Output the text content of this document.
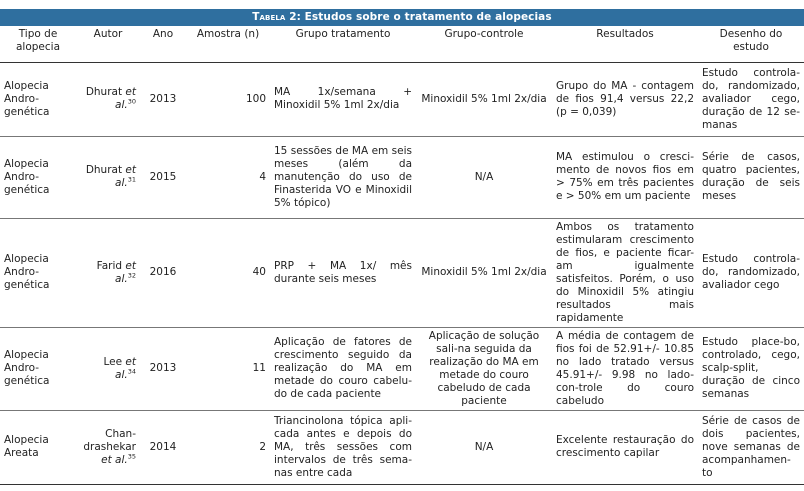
Tabela 2: Estudos sobre o tratamento de alopecias
Tipo de alopecia	Autor	Ano	Amostra (n)	Grupo tratamento	Grupo-controle	Resultados	Desenho do estudo
Alopecia Andro-genética	Dhurat et al.$^{30}$	2013	100	MA 1x/semana + Minoxidil 5% 1ml 2x/dia	Minoxidil 5% 1ml 2x/dia	Grupo do MA - contagem de fios 91,4 versus 22,2 (p = 0,039)	Estudo controla-do, randomizado, avaliador cego, duração de 12 se-manas
Alopecia Andro-genética	Dhurat et al.$^{31}$	2015	4	15 sessões de MA em seis meses (além da manutenção do uso de Finasterida VO e Minoxidil 5% tópico)	N/A	MA estimulou o cresci-mento de novos fios em > 75% em três pacientes e > 50% em um paciente	Série de casos, quatro pacientes, duração de seis meses
Alopecia Andro-genética	Farid et al.$^{32}$	2016	40	PRP + MA 1x/ mês durante seis meses	Minoxidil 5% 1ml 2x/dia	Ambos os tratamento estimularam crescimento de fios, e paciente ficar-am igualmente satisfeitos. Porém, o uso do Minoxidil 5% atingiu resultados mais rapidamente	Estudo controla-do, randomizado, avaliador cego
Alopecia Andro-genética	Lee et al.$^{34}$	2013	11	Aplicação de fatores de crescimento seguido da realização do MA em metade do couro cabelu-do de cada paciente	Aplicação de solução sali-na seguida da realização do MA em metade do couro cabeludo de cada paciente	A média de contagem de fios foi de 52.91+/- 10.85 no lado tratado versus 45.91+/- 9.98 no lado-con-trole do couro cabeludo	Estudo place-bo, controlado, cego, scalp-split, duração de cinco semanas
Alopecia Areata	Chan-drashekar et al.$^{35}$	2014	2	Triancinolona tópica apli-cada antes e depois do MA, três sessões com intervalos de três sema-nas entre cada	N/A	Excelente restauração do crescimento capilar	Série de casos de dois pacientes, nove semanas de acompanhamen-to
